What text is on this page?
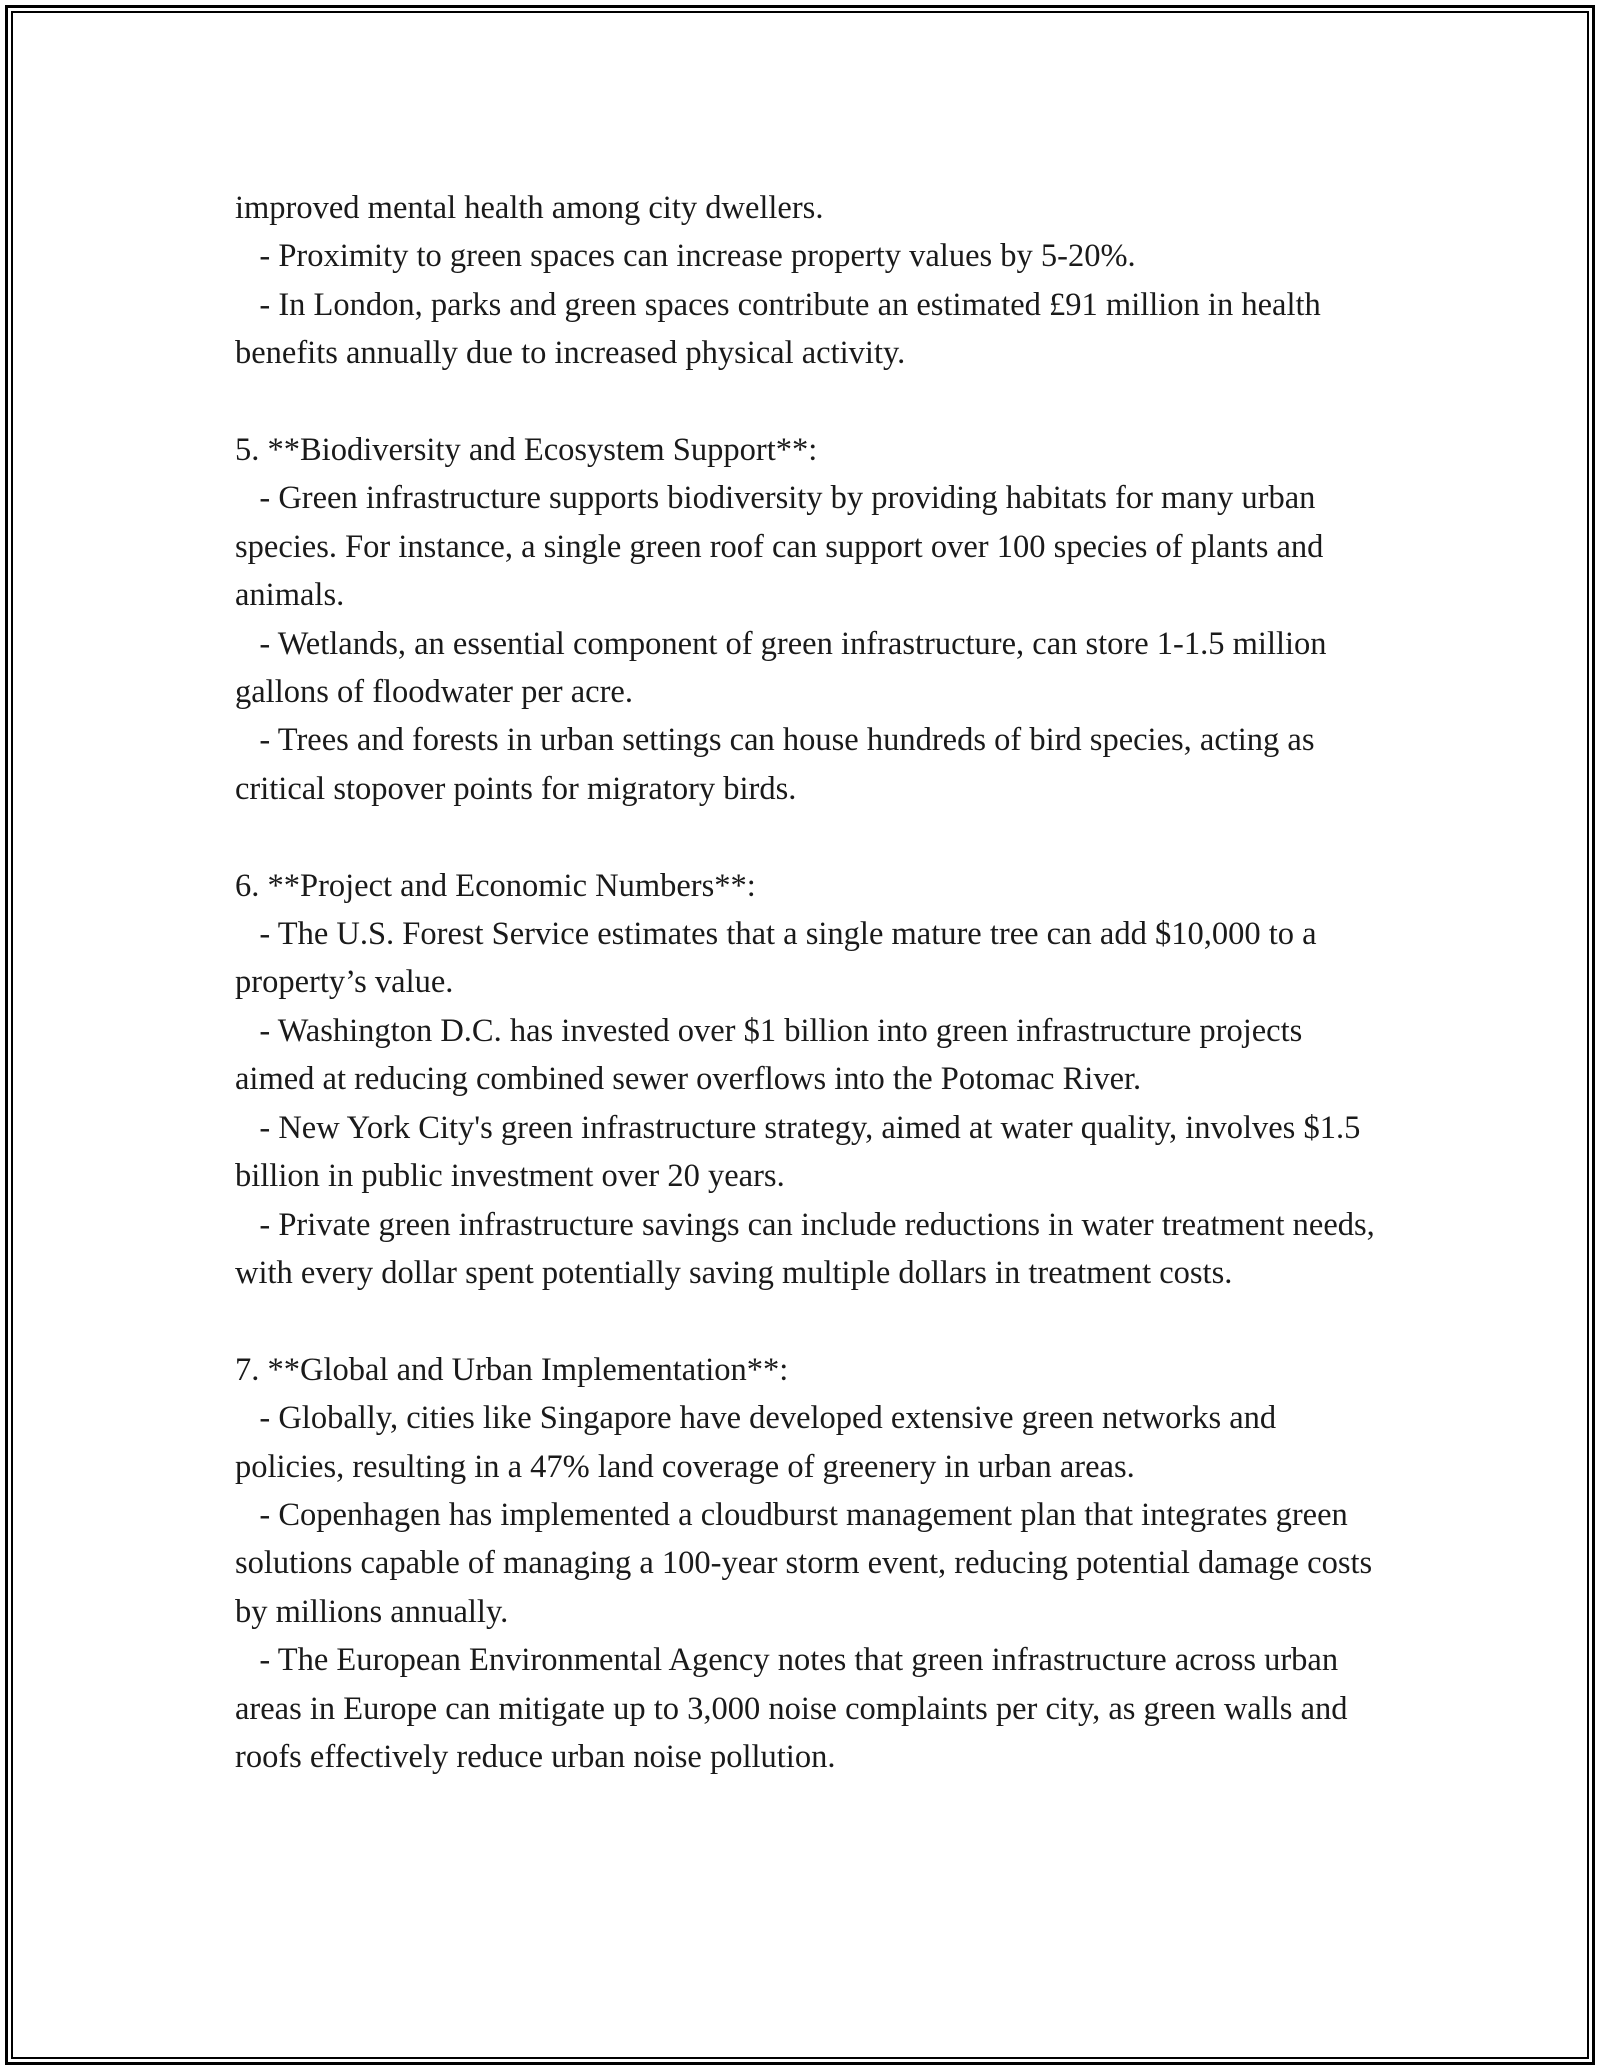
improved mental health among city dwellers.

- Proximity to green spaces can increase property values by 5-20%.

- In London, parks and green spaces contribute an estimated £91 million in health benefits annually due to increased physical activity.

5. **Biodiversity and Ecosystem Support**:

- Green infrastructure supports biodiversity by providing habitats for many urban species. For instance, a single green roof can support over 100 species of plants and animals.

- Wetlands, an essential component of green infrastructure, can store 1-1.5 million gallons of floodwater per acre.

- Trees and forests in urban settings can house hundreds of bird species, acting as critical stopover points for migratory birds.

6. **Project and Economic Numbers**:

- The U.S. Forest Service estimates that a single mature tree can add $10,000 to a property’s value.

- Washington D.C. has invested over $1 billion into green infrastructure projects aimed at reducing combined sewer overflows into the Potomac River.

- New York City's green infrastructure strategy, aimed at water quality, involves $1.5 billion in public investment over 20 years.

- Private green infrastructure savings can include reductions in water treatment needs, with every dollar spent potentially saving multiple dollars in treatment costs.

7. **Global and Urban Implementation**:

- Globally, cities like Singapore have developed extensive green networks and policies, resulting in a 47% land coverage of greenery in urban areas.

- Copenhagen has implemented a cloudburst management plan that integrates green solutions capable of managing a 100-year storm event, reducing potential damage costs by millions annually.

- The European Environmental Agency notes that green infrastructure across urban areas in Europe can mitigate up to 3,000 noise complaints per city, as green walls and roofs effectively reduce urban noise pollution.
